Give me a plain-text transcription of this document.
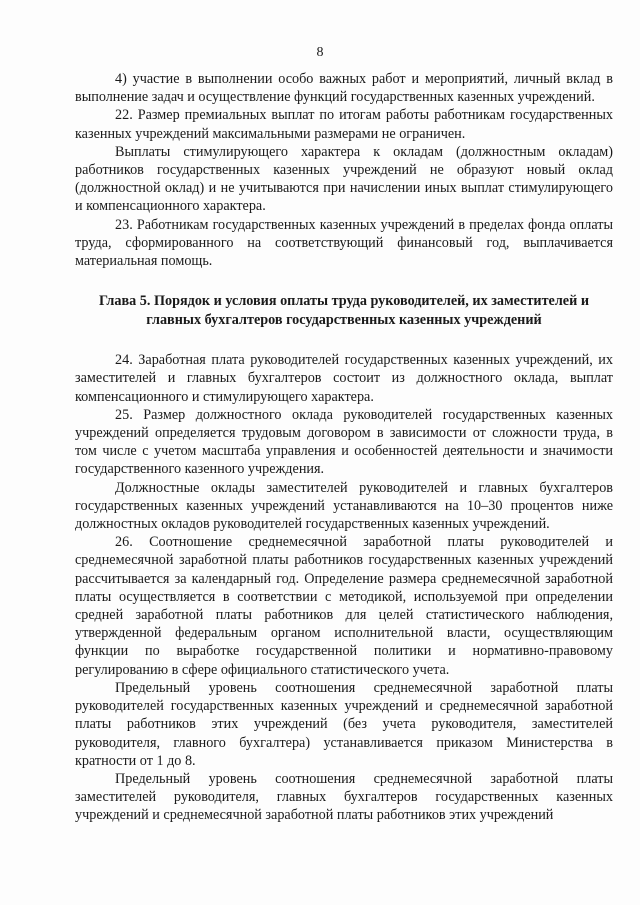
8

4) участие в выполнении особо важных работ и мероприятий, личный вклад в выполнение задач и осуществление функций государственных казенных учреждений.

22. Размер премиальных выплат по итогам работы работникам государственных казенных учреждений максимальными размерами не ограничен.

Выплаты стимулирующего характера к окладам (должностным окладам) работников государственных казенных учреждений не образуют новый оклад (должностной оклад) и не учитываются при начислении иных выплат стимулирующего и компенсационного характера.

23. Работникам государственных казенных учреждений в пределах фонда оплаты труда, сформированного на соответствующий финансовый год, выплачивается материальная помощь.

Глава 5. Порядок и условия оплаты труда руководителей, их заместителей и главных бухгалтеров государственных казенных учреждений

24. Заработная плата руководителей государственных казенных учреждений, их заместителей и главных бухгалтеров состоит из должностного оклада, выплат компенсационного и стимулирующего характера.

25. Размер должностного оклада руководителей государственных казенных учреждений определяется трудовым договором в зависимости от сложности труда, в том числе с учетом масштаба управления и особенностей деятельности и значимости государственного казенного учреждения.

Должностные оклады заместителей руководителей и главных бухгалтеров государственных казенных учреждений устанавливаются на 10–30 процентов ниже должностных окладов руководителей государственных казенных учреждений.

26. Соотношение среднемесячной заработной платы руководителей и среднемесячной заработной платы работников государственных казенных учреждений рассчитывается за календарный год. Определение размера среднемесячной заработной платы осуществляется в соответствии с методикой, используемой при определении средней заработной платы работников для целей статистического наблюдения, утвержденной федеральным органом исполнительной власти, осуществляющим функции по выработке государственной политики и нормативно-правовому регулированию в сфере официального статистического учета.

Предельный уровень соотношения среднемесячной заработной платы руководителей государственных казенных учреждений и среднемесячной заработной платы работников этих учреждений (без учета руководителя, заместителей руководителя, главного бухгалтера) устанавливается приказом Министерства в кратности от 1 до 8.

Предельный уровень соотношения среднемесячной заработной платы заместителей руководителя, главных бухгалтеров государственных казенных учреждений и среднемесячной заработной платы работников этих учреждений
